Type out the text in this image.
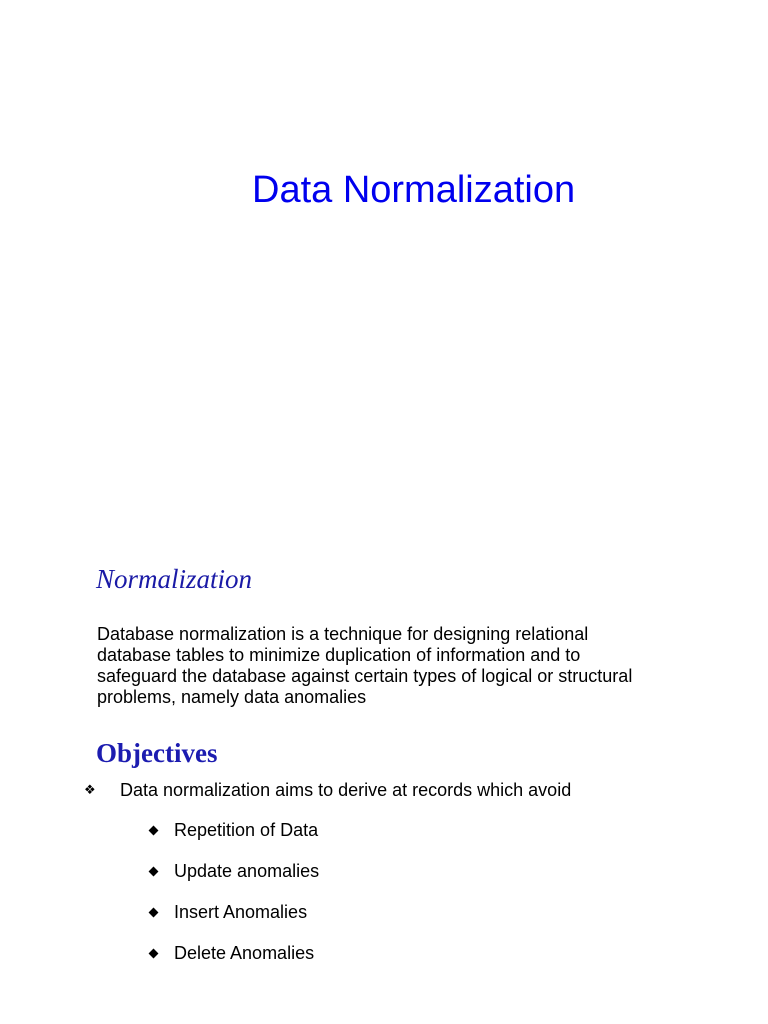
Data Normalization
Normalization

Database normalization is a technique for designing relational database tables to minimize duplication of information and to safeguard the database against certain types of logical or structural problems, namely data anomalies

Objectives
❖	Data normalization aims to derive at records which avoid
Repetition of Data
Update anomalies
Insert Anomalies
Delete Anomalies
